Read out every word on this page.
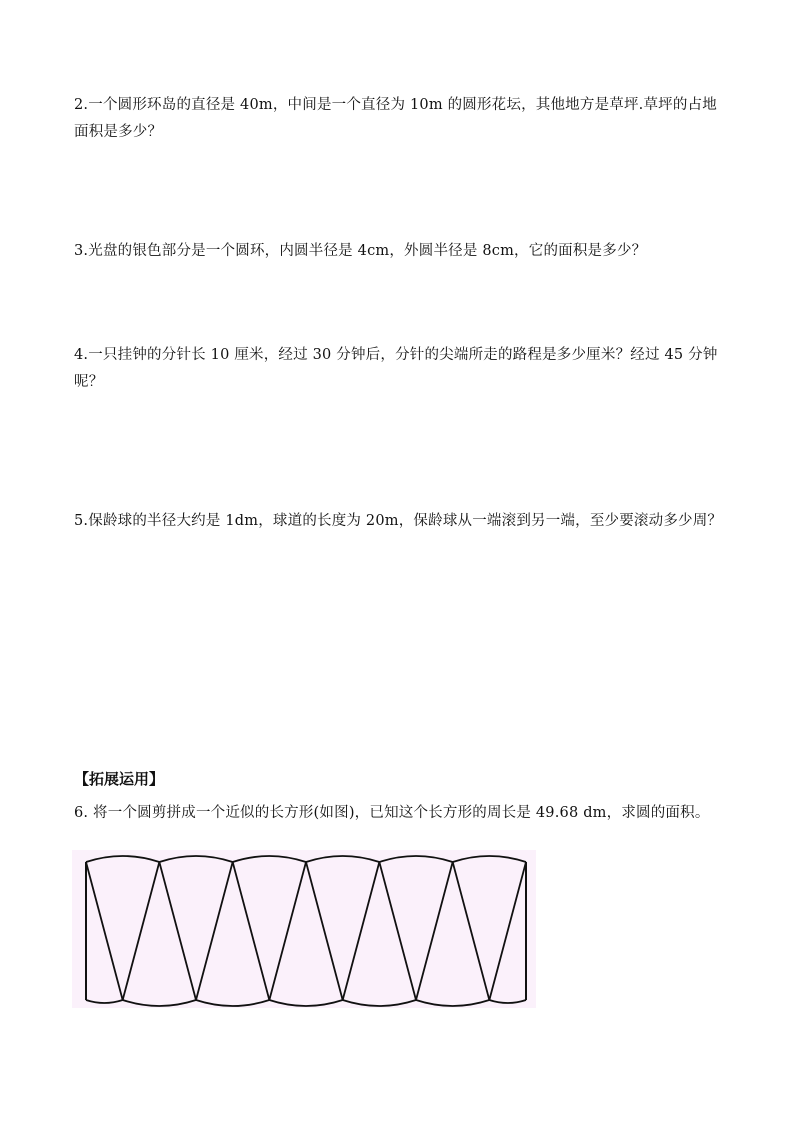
2.一个圆形环岛的直径是 40m，中间是一个直径为 10m 的圆形花坛，其他地方是草坪.草坪的占地面积是多少？

3.光盘的银色部分是一个圆环，内圆半径是 4cm，外圆半径是 8cm，它的面积是多少？

4.一只挂钟的分针长 10 厘米，经过 30 分钟后，分针的尖端所走的路程是多少厘米？经过 45 分钟呢？

5.保龄球的半径大约是 1dm，球道的长度为 20m，保龄球从一端滚到另一端，至少要滚动多少周？

【拓展运用】

6. 将一个圆剪拼成一个近似的长方形(如图)，已知这个长方形的周长是 49.68 dm，求圆的面积。
